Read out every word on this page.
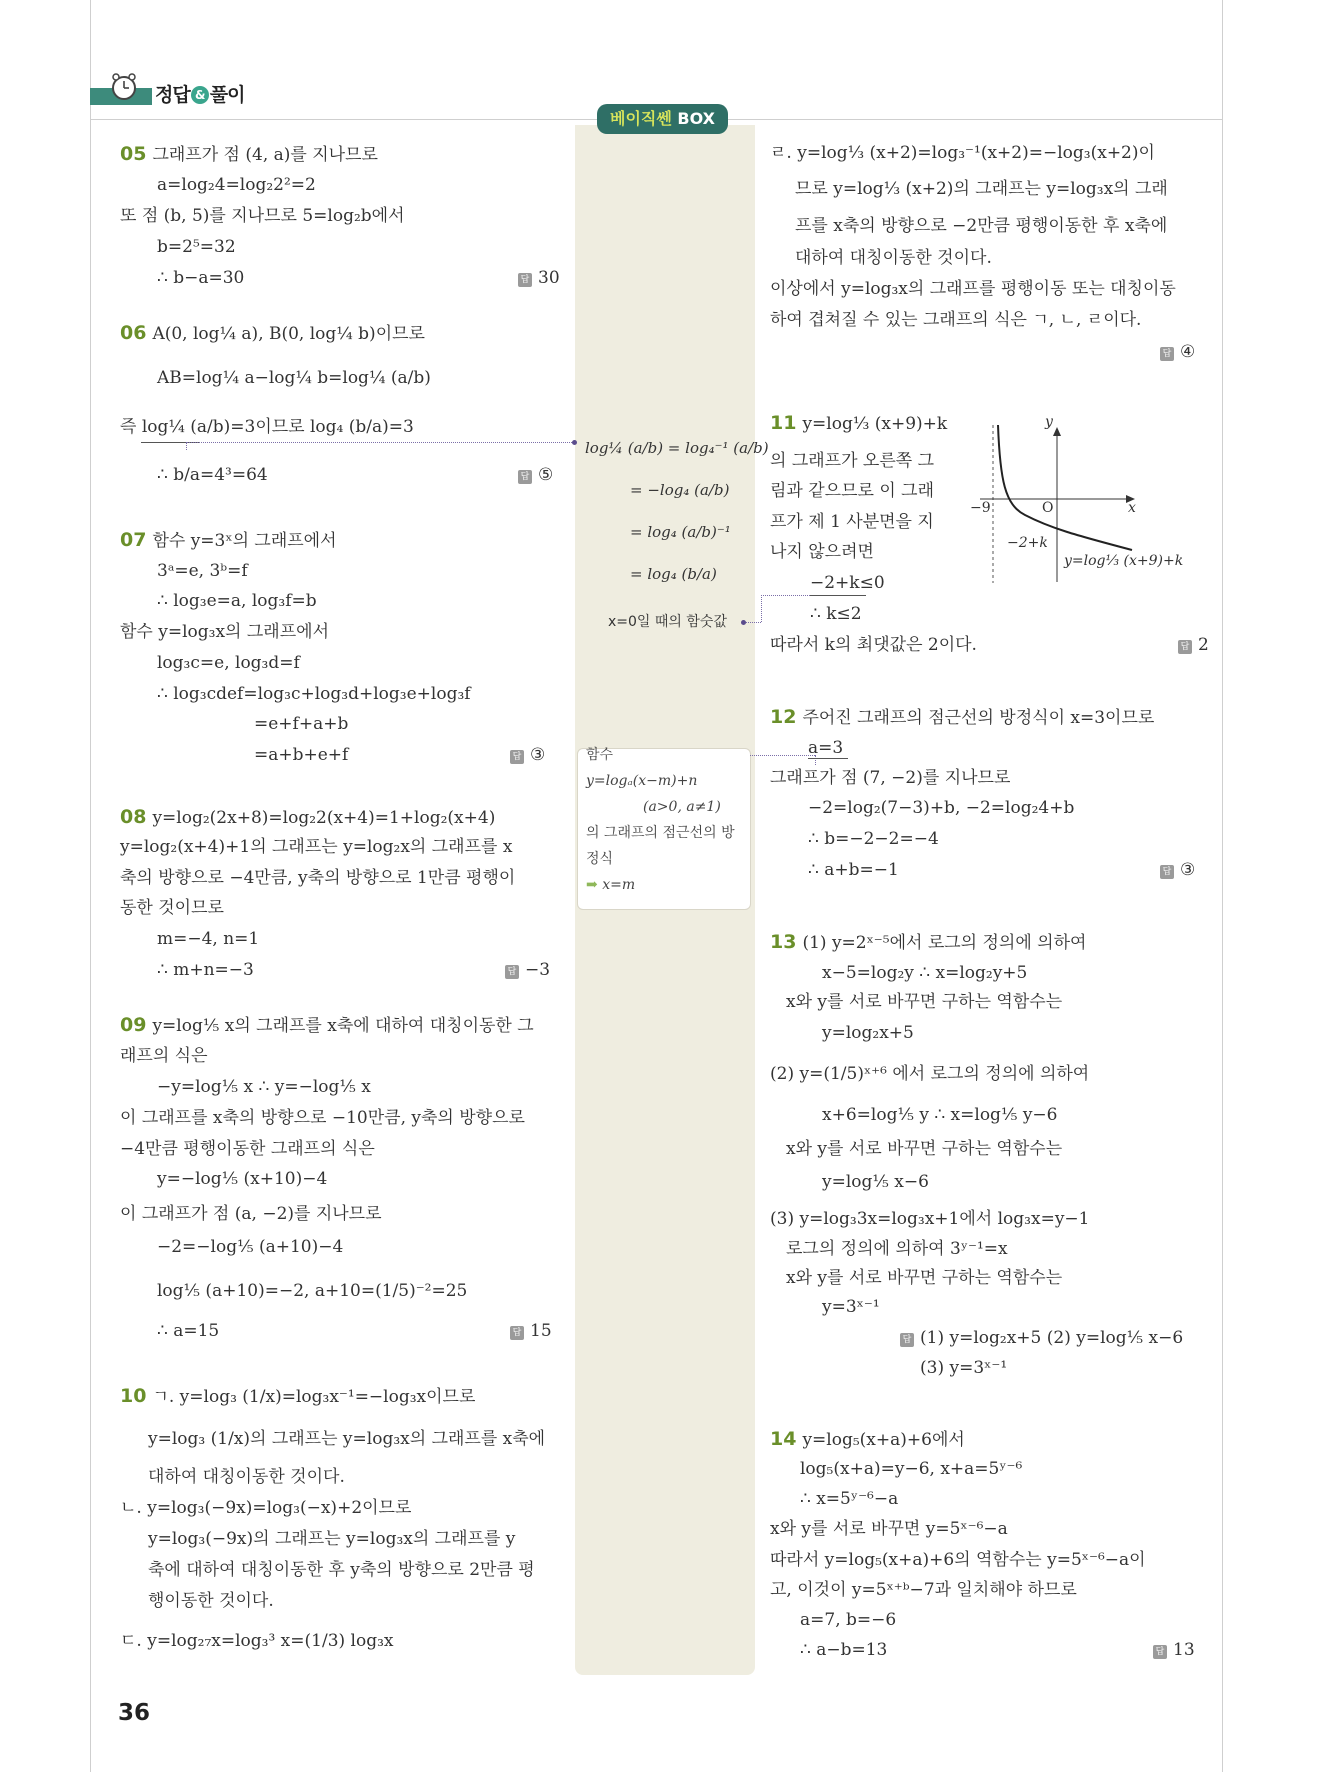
정답 & 풀이
베이직쎈 BOX
05 그래프가 점 (4, a)를 지나므로
a=log₂4=log₂2²=2
또 점 (b, 5)를 지나므로 5=log₂b에서
b=2⁵=32
∴ b−a=30	답 30
06 A(0, log¼ a), B(0, log¼ b)이므로
AB=log¼ a−log¼ b=log¼ (a/b)
즉 log¼ (a/b)=3이므로 log₄ (b/a)=3
∴ b/a=4³=64	답 ⑤
07 함수 y=3ˣ의 그래프에서
3ᵃ=e, 3ᵇ=f
∴ log₃e=a, log₃f=b
함수 y=log₃x의 그래프에서
log₃c=e, log₃d=f
∴ log₃cdef=log₃c+log₃d+log₃e+log₃f
=e+f+a+b
=a+b+e+f	답 ③
08 y=log₂(2x+8)=log₂2(x+4)=1+log₂(x+4)
y=log₂(x+4)+1의 그래프는 y=log₂x의 그래프를 x
축의 방향으로 −4만큼, y축의 방향으로 1만큼 평행이
동한 것이므로
m=−4, n=1
∴ m+n=−3	답 −3
09 y=log⅕ x의 그래프를 x축에 대하여 대칭이동한 그
래프의 식은
−y=log⅕ x ∴ y=−log⅕ x
이 그래프를 x축의 방향으로 −10만큼, y축의 방향으로
−4만큼 평행이동한 그래프의 식은
y=−log⅕ (x+10)−4
이 그래프가 점 (a, −2)를 지나므로
−2=−log⅕ (a+10)−4
log⅕ (a+10)=−2, a+10=(1/5)⁻²=25
∴ a=15	답 15
10 ㄱ. y=log₃ (1/x)=log₃x⁻¹=−log₃x이므로
y=log₃ (1/x)의 그래프는 y=log₃x의 그래프를 x축에
대하여 대칭이동한 것이다.
ㄴ. y=log₃(−9x)=log₃(−x)+2이므로
y=log₃(−9x)의 그래프는 y=log₃x의 그래프를 y
축에 대하여 대칭이동한 후 y축의 방향으로 2만큼 평
행이동한 것이다.
ㄷ. y=log₂₇x=log₃³ x=(1/3) log₃x
36
log¼ (a/b) = log₄⁻¹ (a/b)
= −log₄ (a/b)
= log₄ (a/b)⁻¹
= log₄ (b/a)
x=0일 때의 함숫값
함수
y=logₐ(x−m)+n
(a>0, a≠1)
의 그래프의 점근선의 방
정식
➡ x=m
ㄹ. y=log⅓ (x+2)=log₃⁻¹(x+2)=−log₃(x+2)이
므로 y=log⅓ (x+2)의 그래프는 y=log₃x의 그래
프를 x축의 방향으로 −2만큼 평행이동한 후 x축에
대하여 대칭이동한 것이다.
이상에서 y=log₃x의 그래프를 평행이동 또는 대칭이동
하여 겹쳐질 수 있는 그래프의 식은 ㄱ, ㄴ, ㄹ이다.
답 ④
11 y=log⅓ (x+9)+k
의 그래프가 오른쪽 그
림과 같으므로 이 그래
프가 제 1 사분면을 지
나지 않으려면
−2+k≤0
∴ k≤2
따라서 k의 최댓값은 2이다.	답 2
y
x
O
−9
−2+k
y=log⅓ (x+9)+k
12 주어진 그래프의 점근선의 방정식이 x=3이므로
a=3
그래프가 점 (7, −2)를 지나므로
−2=log₂(7−3)+b, −2=log₂4+b
∴ b=−2−2=−4
∴ a+b=−1	답 ③
13 (1) y=2ˣ⁻⁵에서 로그의 정의에 의하여
x−5=log₂y ∴ x=log₂y+5
x와 y를 서로 바꾸면 구하는 역함수는
y=log₂x+5
(2) y=(1/5)ˣ⁺⁶ 에서 로그의 정의에 의하여
x+6=log⅕ y ∴ x=log⅕ y−6
x와 y를 서로 바꾸면 구하는 역함수는
y=log⅕ x−6
(3) y=log₃3x=log₃x+1에서 log₃x=y−1
로그의 정의에 의하여 3ʸ⁻¹=x
x와 y를 서로 바꾸면 구하는 역함수는
y=3ˣ⁻¹
답 (1) y=log₂x+5 (2) y=log⅕ x−6
(3) y=3ˣ⁻¹
14 y=log₅(x+a)+6에서
log₅(x+a)=y−6, x+a=5ʸ⁻⁶
∴ x=5ʸ⁻⁶−a
x와 y를 서로 바꾸면 y=5ˣ⁻⁶−a
따라서 y=log₅(x+a)+6의 역함수는 y=5ˣ⁻⁶−a이
고, 이것이 y=5ˣ⁺ᵇ−7과 일치해야 하므로
a=7, b=−6
∴ a−b=13	답 13
